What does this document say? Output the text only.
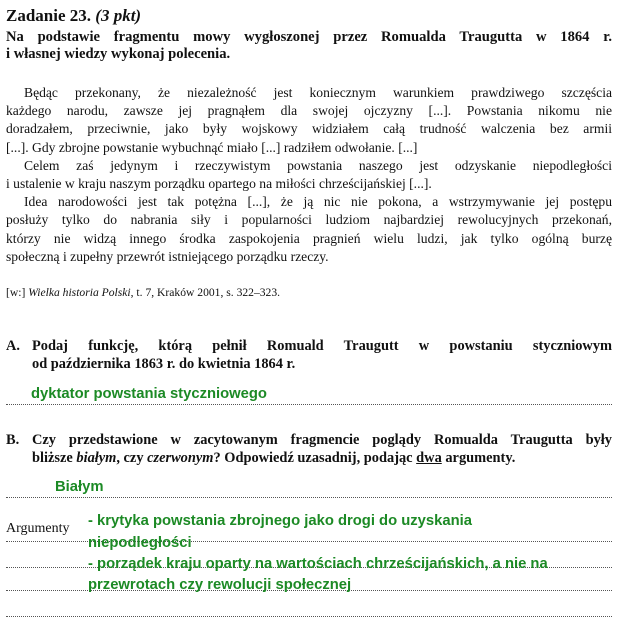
Zadanie 23. (3 pkt)
Na podstawie fragmentu mowy wygłoszonej przez Romualda Traugutta w 1864 r.
i własnej wiedzy wykonaj polecenia.
Będąc przekonany, że niezależność jest koniecznym warunkiem prawdziwego szczęścia
każdego narodu, zawsze jej pragnąłem dla swojej ojczyzny [...]. Powstania nikomu nie
doradzałem, przeciwnie, jako były wojskowy widziałem całą trudność walczenia bez armii
[...]. Gdy zbrojne powstanie wybuchnąć miało [...] radziłem odwołanie. [...]
Celem zaś jedynym i rzeczywistym powstania naszego jest odzyskanie niepodległości
i ustalenie w kraju naszym porządku opartego na miłości chrześcijańskiej [...].
Idea narodowości jest tak potężna [...], że ją nic nie pokona, a wstrzymywanie jej postępu
posłuży tylko do nabrania siły i popularności ludziom najbardziej rewolucyjnych przekonań,
którzy nie widzą innego środka zaspokojenia pragnień wielu ludzi, jak tylko ogólną burzę
społeczną i zupełny przewrót istniejącego porządku rzeczy.
[w:] Wielka historia Polski, t. 7, Kraków 2001, s. 322–323.
A. Podaj funkcję, którą pełnił Romuald Traugutt w powstaniu styczniowym
od października 1863 r. do kwietnia 1864 r.
dyktator powstania styczniowego
B. Czy przedstawione w zacytowanym fragmencie poglądy Romualda Traugutta były
bliższe białym, czy czerwonym? Odpowiedź uzasadnij, podając dwa argumenty.
Białym
Argumenty - krytyka powstania zbrojnego jako drogi do uzyskania
niepodległości
- porządek kraju oparty na wartościach chrześcijańskich, a nie na
przewrotach czy rewolucji społecznej
